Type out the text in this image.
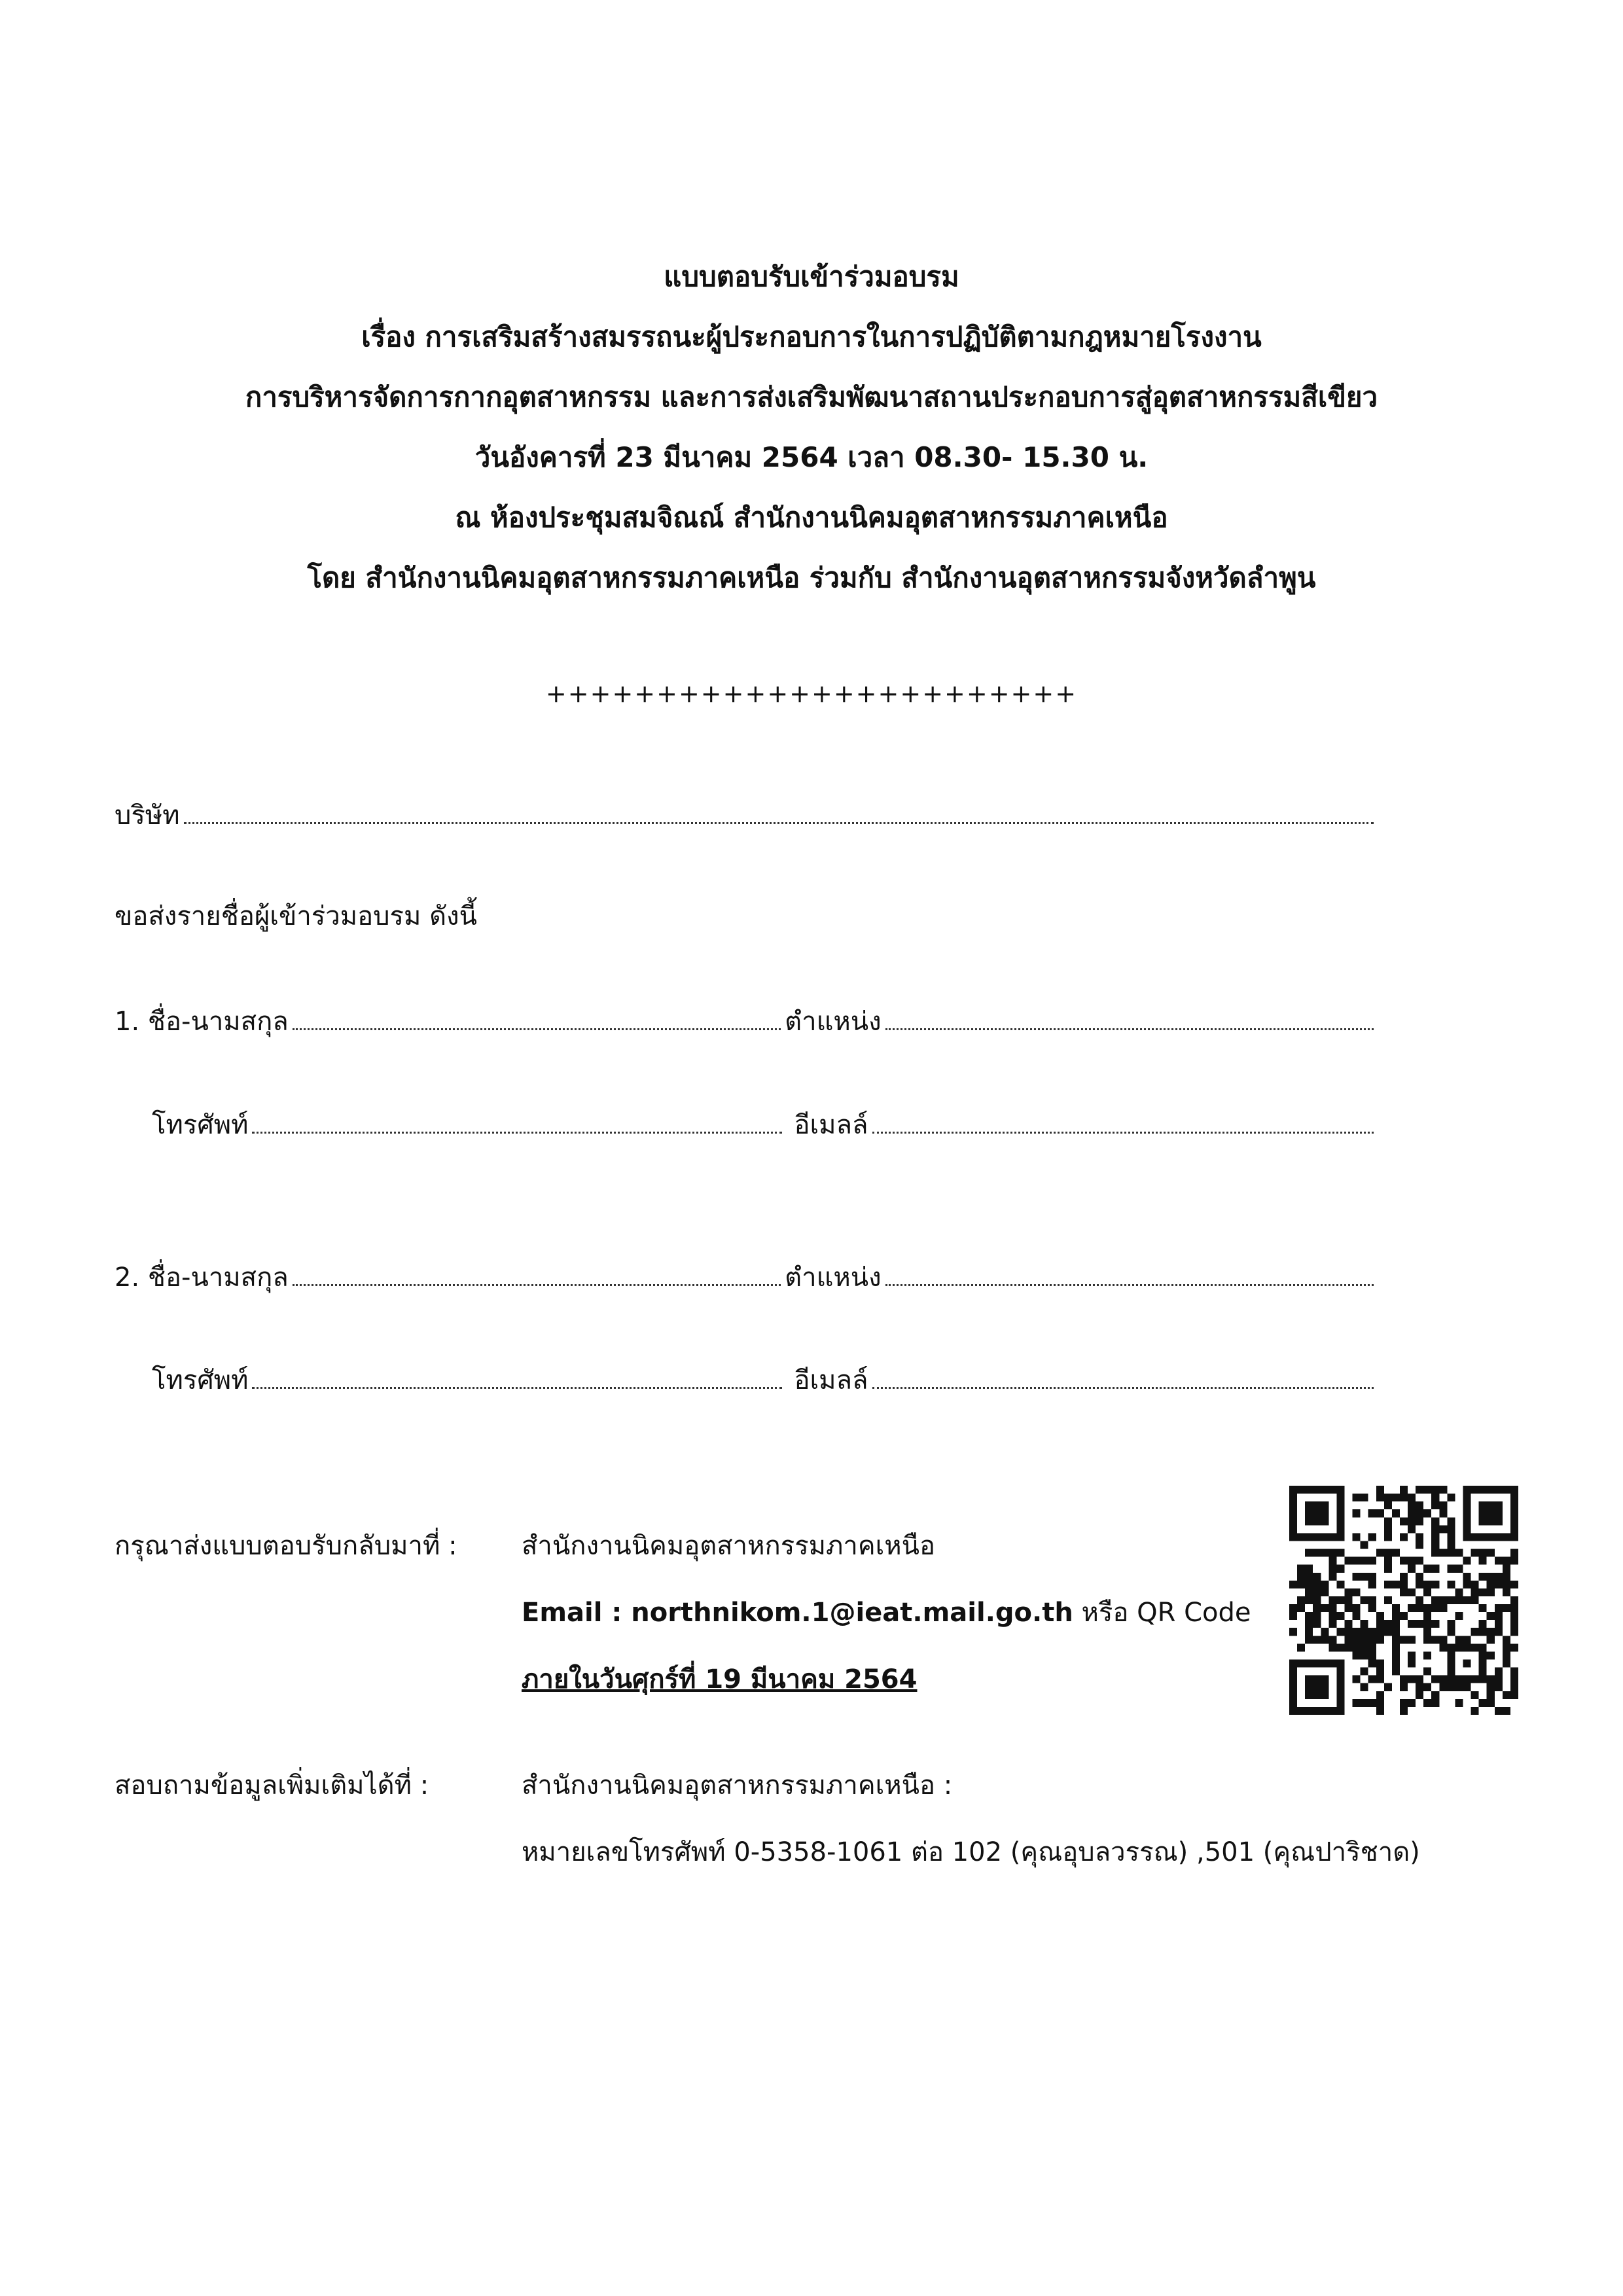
แบบตอบรับเข้าร่วมอบรม
เรื่อง การเสริมสร้างสมรรถนะผู้ประกอบการในการปฏิบัติตามกฎหมายโรงงาน
การบริหารจัดการกากอุตสาหกรรม และการส่งเสริมพัฒนาสถานประกอบการสู่อุตสาหกรรมสีเขียว
วันอังคารที่ 23 มีนาคม 2564 เวลา 08.30- 15.30 น.
ณ ห้องประชุมสมจิณณ์ สำนักงานนิคมอุตสาหกรรมภาคเหนือ
โดย สำนักงานนิคมอุตสาหกรรมภาคเหนือ ร่วมกับ สำนักงานอุตสาหกรรมจังหวัดลำพูน
++++++++++++++++++++++++
บริษัท
ขอส่งรายชื่อผู้เข้าร่วมอบรม ดังนี้
1. ชื่อ-นามสกุล	ตำแหน่ง
โทรศัพท์	อีเมลล์
2. ชื่อ-นามสกุล	ตำแหน่ง
โทรศัพท์	อีเมลล์
กรุณาส่งแบบตอบรับกลับมาที่ : สำนักงานนิคมอุตสาหกรรมภาคเหนือ
Email : northnikom.1@ieat.mail.go.th หรือ QR Code
ภายในวันศุกร์ที่ 19 มีนาคม 2564
สอบถามข้อมูลเพิ่มเติมได้ที่ :	สำนักงานนิคมอุตสาหกรรมภาคเหนือ :
หมายเลขโทรศัพท์ 0-5358-1061 ต่อ 102 (คุณอุบลวรรณ) ,501 (คุณปาริชาด)
